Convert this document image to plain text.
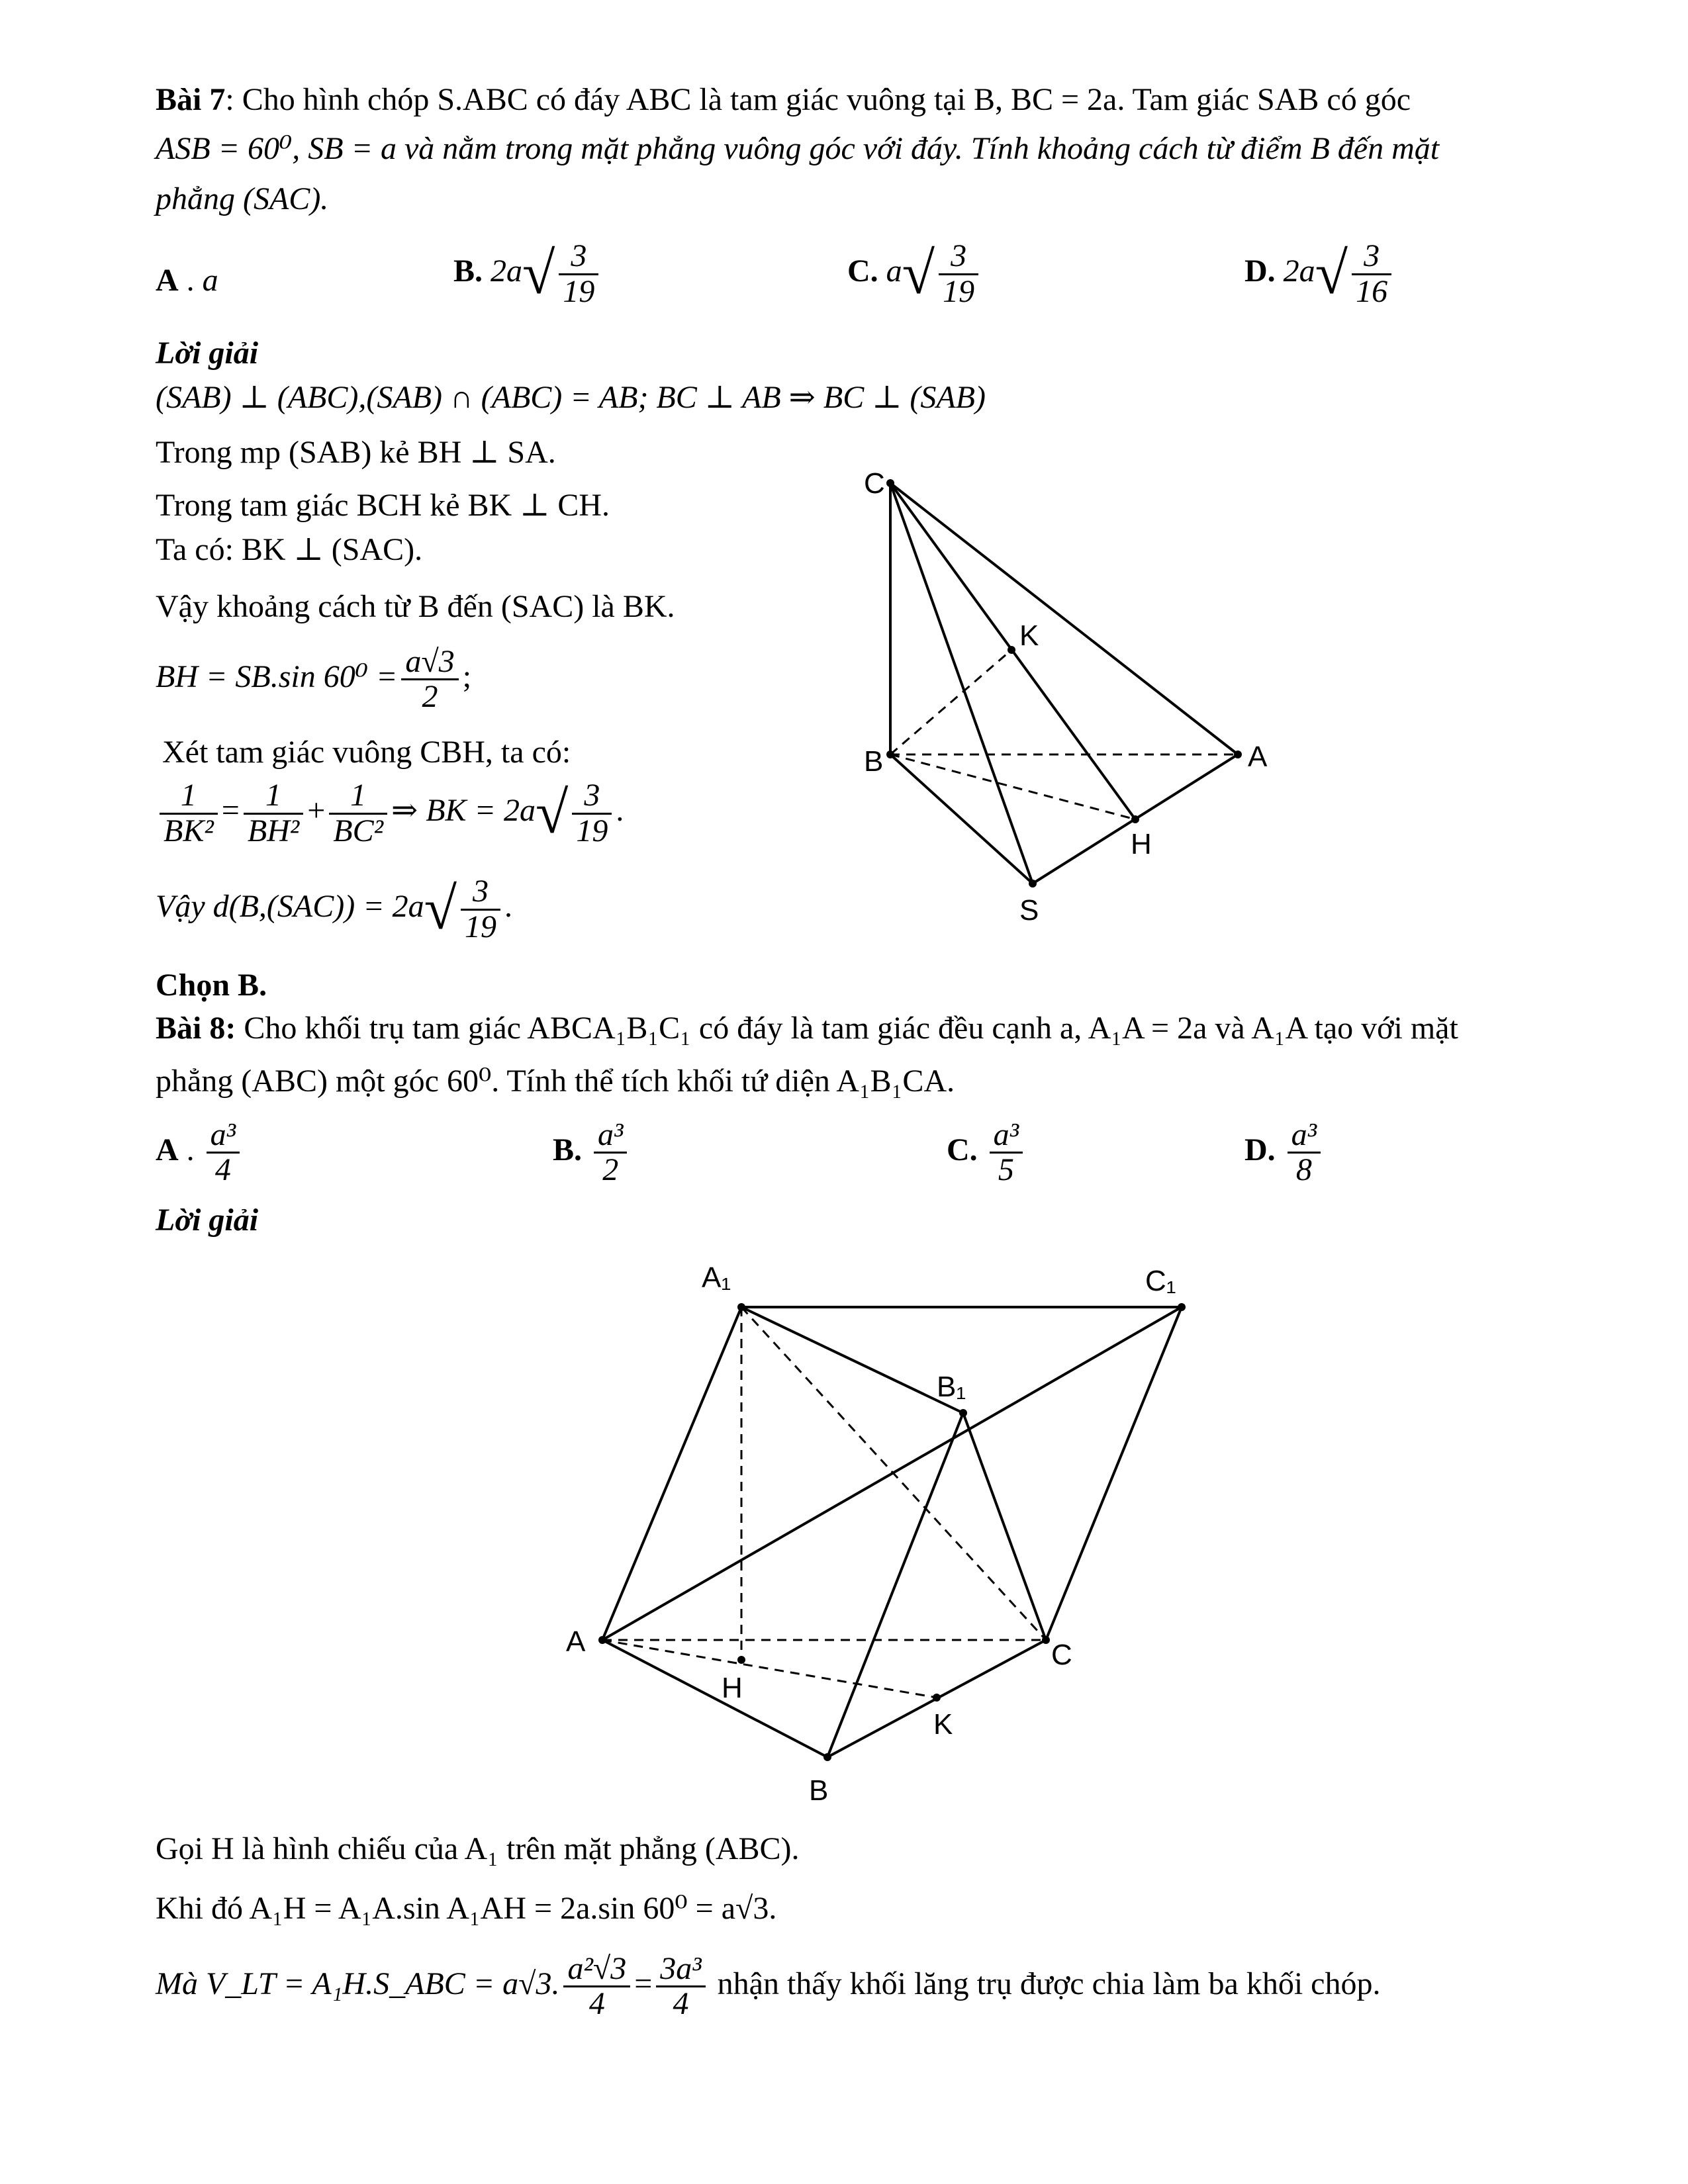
Bài 7: Cho hình chóp S.ABC có đáy ABC là tam giác vuông tại B, BC = 2a. Tam giác SAB có góc
ASB = 60⁰, SB = a và nằm trong mặt phẳng vuông góc với đáy. Tính khoảng cách từ điểm B đến mặt
phẳng (SAC).
A . a	B. $2a√ \frac{3}{19}$	C. $a√ \frac{3}{19}$	D. $2a√ \frac{3}{16}$
Lời giải
(SAB) ⊥ (ABC),(SAB) ∩ (ABC) = AB; BC ⊥ AB ⇒ BC ⊥ (SAB)
Trong mp (SAB) kẻ BH ⊥ SA.
Trong tam giác BCH kẻ BK ⊥ CH.
Ta có: BK ⊥ (SAC).
Vậy khoảng cách từ B đến (SAC) là BK.
BH = SB.sin $60^0 = \frac{a√3}{2}$ ;
Xét tam giác vuông CBH, ta có:
$\frac{1}{\text{BK²}} = \frac{1}{\text{BH²}} + \frac{1}{\text{BC²}}$ ⇒ BK = $2a√ \frac{3}{19}$ .
Vậy $d(B,(SAC)) = 2a√ \frac{3}{19}$ .
Chọn B.
C
K
B	A
H
S
Bài 8: Cho khối trụ tam giác ABCA₁B₁C₁ có đáy là tam giác đều cạnh a, A₁A = 2a và A₁A tạo với mặt
phẳng (ABC) một góc 60⁰. Tính thể tích khối tứ diện A₁B₁CA.
A . $\frac{\text{a³}}{4}$	B. $\frac{\text{a³}}{2}$	C. $\frac{\text{a³}}{5}$	D. $\frac{\text{a³}}{8}$
Lời giải
A₁	C₁
B₁
A	C
H
K
B
Gọi H là hình chiếu của A₁ trên mặt phẳng (ABC).
Khi đó A₁H = A₁A.sin A₁AH = 2a.sin 60⁰ = a√3.
Mà V_LT = A₁H.S_ABC = a√3. $\frac{\text{a²√3}}{4} = \frac{\text{3a³}}{4}$ nhận thấy khối lăng trụ được chia làm ba khối chóp.
